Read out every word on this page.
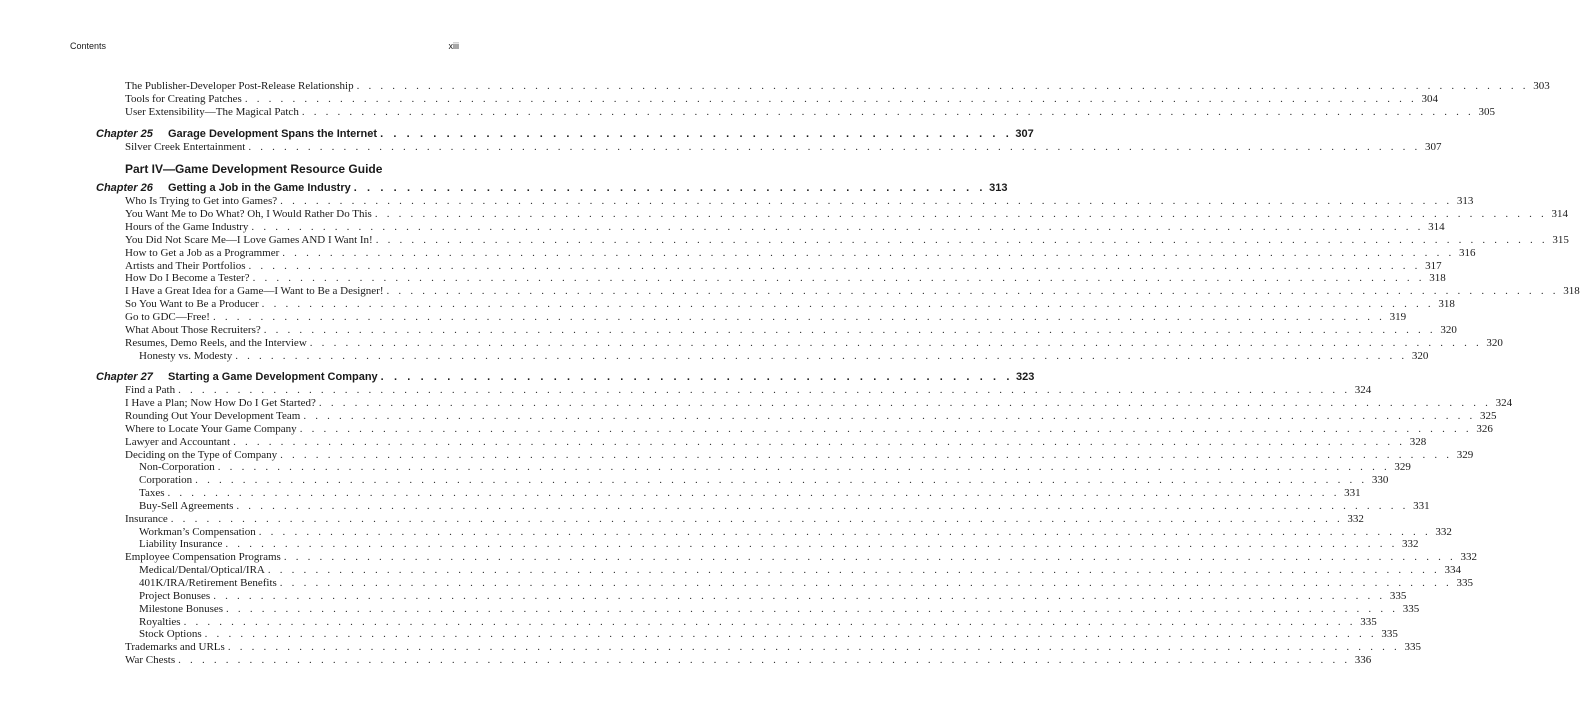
Contents	xiii
The Publisher-Developer Post-Release Relationship . . .	303
Tools for Creating Patches . . .	304
User Extensibility—The Magical Patch . . .	305
Chapter 25	Garage Development Spans the Internet . . .	307
Silver Creek Entertainment . . .	307
Part IV—Game Development Resource Guide
Chapter 26	Getting a Job in the Game Industry . . .	313
Who Is Trying to Get into Games? . . .	313
You Want Me to Do What? Oh, I Would Rather Do This . . .	314
Hours of the Game Industry . . .	314
You Did Not Scare Me—I Love Games AND I Want In! . . .	315
How to Get a Job as a Programmer . . .	316
Artists and Their Portfolios . . .	317
How Do I Become a Tester? . . .	318
I Have a Great Idea for a Game—I Want to Be a Designer! . . .	318
So You Want to Be a Producer . . .	318
Go to GDC—Free! . . .	319
What About Those Recruiters? . . .	320
Resumes, Demo Reels, and the Interview . . .	320
Honesty vs. Modesty . . .	320
Chapter 27	Starting a Game Development Company . . .	323
Find a Path . . .	324
I Have a Plan; Now How Do I Get Started? . . .	324
Rounding Out Your Development Team . . .	325
Where to Locate Your Game Company . . .	326
Lawyer and Accountant . . .	328
Deciding on the Type of Company . . .	329
Non-Corporation . . .	329
Corporation . . .	330
Taxes . . .	331
Buy-Sell Agreements . . .	331
Insurance . . .	332
Workman’s Compensation . . .	332
Liability Insurance . . .	332
Employee Compensation Programs . . .	332
Medical/Dental/Optical/IRA . . .	334
401K/IRA/Retirement Benefits . . .	335
Project Bonuses . . .	335
Milestone Bonuses . . .	335
Royalties . . .	335
Stock Options . . .	335
Trademarks and URLs . . .	335
War Chests . . .	336
